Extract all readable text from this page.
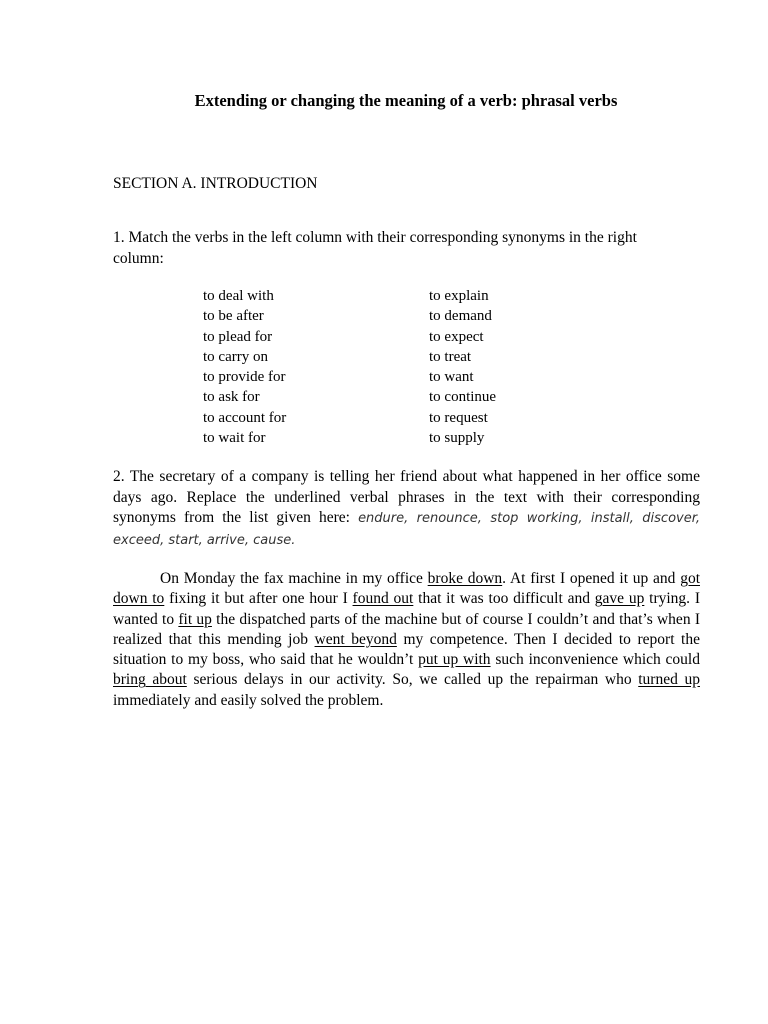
Extending or changing the meaning of a verb: phrasal verbs
SECTION A. INTRODUCTION
1. Match the verbs in the left column with their corresponding synonyms in the right column:
to deal with
to be after
to plead for
to carry on
to provide for
to ask for
to account for
to wait for
to explain
to demand
to expect
to treat
to want
to continue
to request
to supply
2. The secretary of a company is telling her friend about what happened in her office some days ago. Replace the underlined verbal phrases in the text with their corresponding synonyms from the list given here: endure, renounce, stop working, install, discover, exceed, start, arrive, cause.

On Monday the fax machine in my office broke down. At first I opened it up and got down to fixing it but after one hour I found out that it was too difficult and gave up trying. I wanted to fit up the dispatched parts of the machine but of course I couldn’t and that’s when I realized that this mending job went beyond my competence. Then I decided to report the situation to my boss, who said that he wouldn’t put up with such inconvenience which could bring about serious delays in our activity. So, we called up the repairman who turned up immediately and easily solved the problem.
